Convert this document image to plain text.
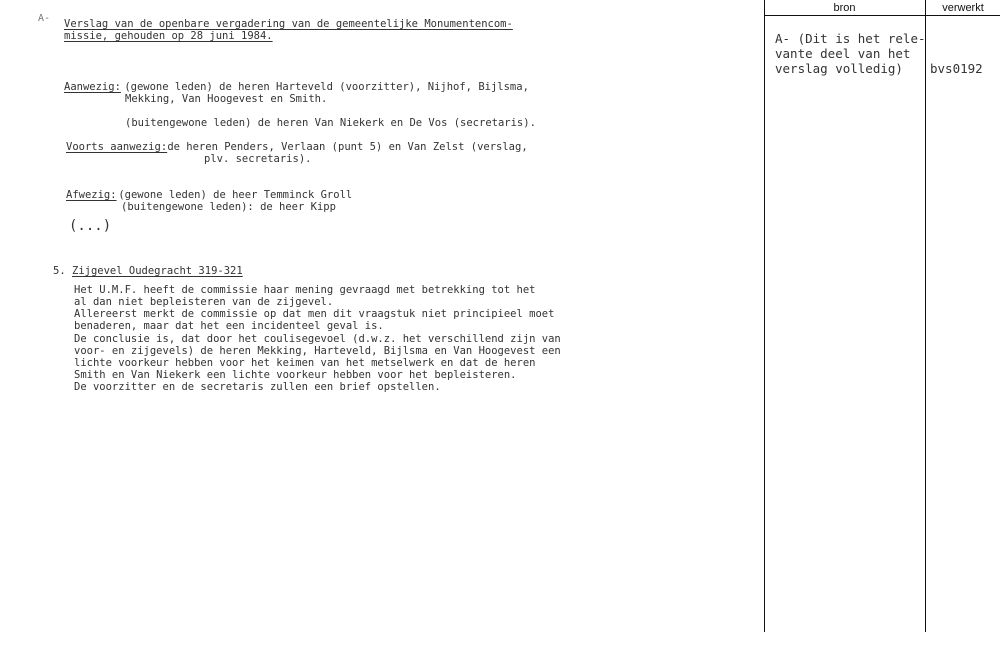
A- Verslag van de openbare vergadering van de gemeentelijke Monumentencom-
missie, gehouden op 28 juni 1984.
Aanwezig:
(gewone leden) de heren Harteveld (voorzitter), Nijhof, Bijlsma,
Mekking, Van Hoogevest en Smith.
(buitengewone leden) de heren Van Niekerk en De Vos (secretaris).
Voorts aanwezig:
de heren Penders, Verlaan (punt 5) en Van Zelst (verslag,
plv. secretaris).
Afwezig:
(gewone leden) de heer Temminck Groll
(buitengewone leden): de heer Kipp
(...)
5. Zijgevel Oudegracht 319-321
Het U.M.F. heeft de commissie haar mening gevraagd met betrekking tot het
al dan niet bepleisteren van de zijgevel.
Allereerst merkt de commissie op dat men dit vraagstuk niet principieel moet
benaderen, maar dat het een incidenteel geval is.
De conclusie is, dat door het coulisegevoel (d.w.z. het verschillend zijn van
voor- en zijgevels) de heren Mekking, Harteveld, Bijlsma en Van Hoogevest een
lichte voorkeur hebben voor het keimen van het metselwerk en dat de heren
Smith en Van Niekerk een lichte voorkeur hebben voor het bepleisteren.
De voorzitter en de secretaris zullen een brief opstellen.
bron	verwerkt
A- (Dit is het rele-
vante deel van het
verslag volledig) bvs0192
